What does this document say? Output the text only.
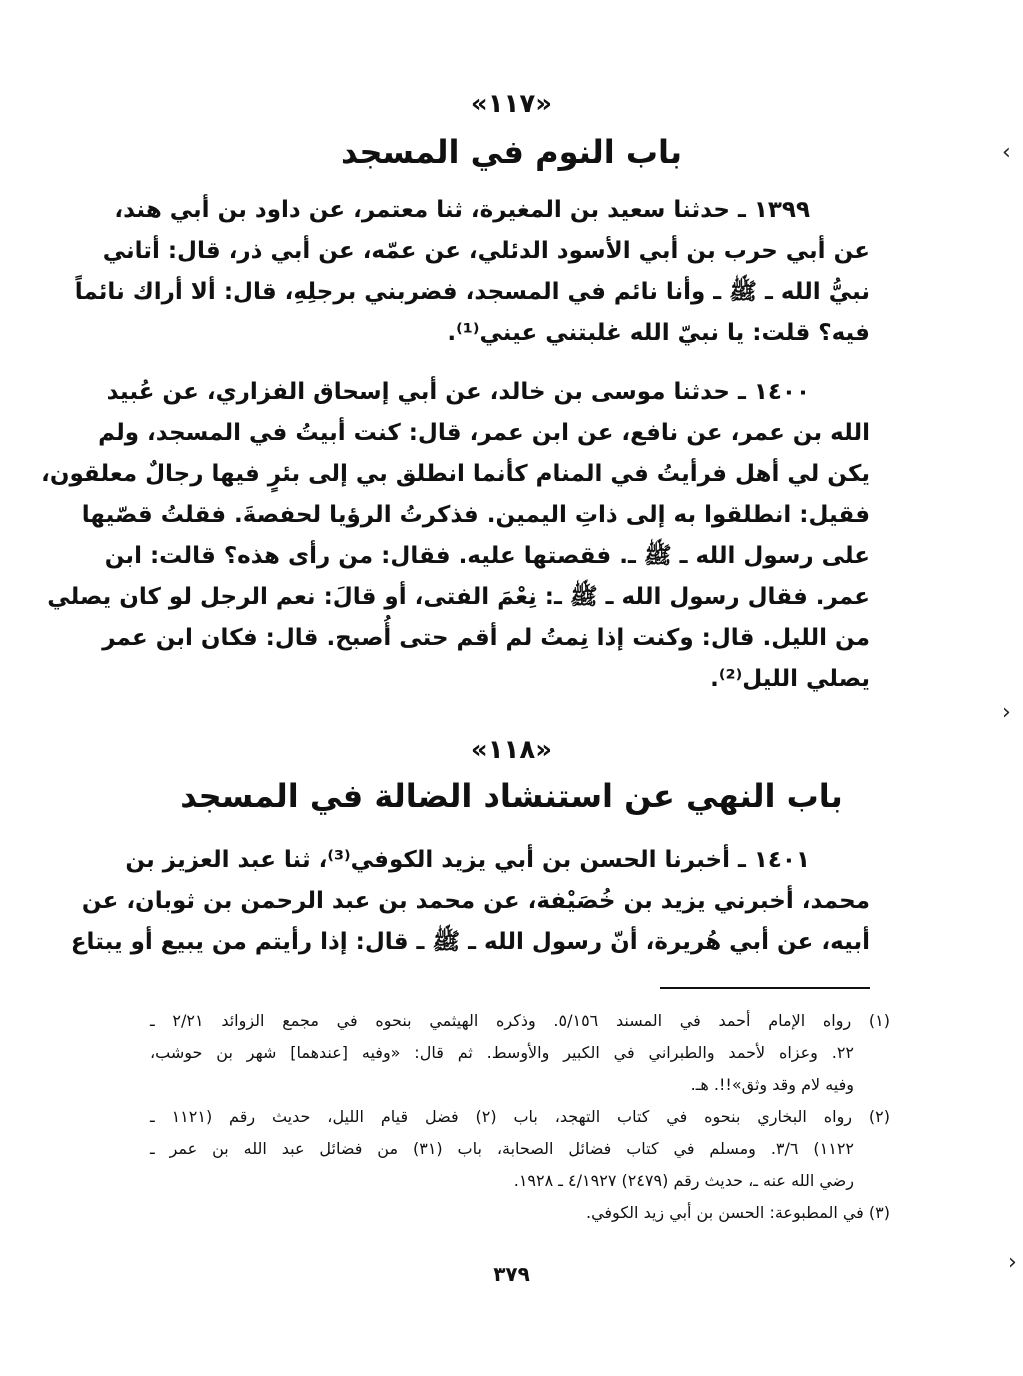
«١١٧»
باب النوم في المسجد
١٣٩٩ ـ حدثنا سعيد بن المغيرة، ثنا معتمر، عن داود بن أبي هند،
عن أبي حرب بن أبي الأسود الدئلي، عن عمّه، عن أبي ذر، قال: أتاني
نبيُّ الله ـ ﷺ ـ وأنا نائم في المسجد، فضربني برجلِهِ، قال: ألا أراك نائماً
فيه؟ قلت: يا نبيّ الله غلبتني عيني⁽¹⁾.
١٤٠٠ ـ حدثنا موسى بن خالد، عن أبي إسحاق الفزاري، عن عُبيد
الله بن عمر، عن نافع، عن ابن عمر، قال: كنت أبيتُ في المسجد، ولم
يكن لي أهل فرأيتُ في المنام كأنما انطلق بي إلى بئرٍ فيها رجالٌ معلقون،
فقيل: انطلقوا به إلى ذاتِ اليمين. فذكرتُ الرؤيا لحفصةَ. فقلتُ قصّيها
على رسول الله ـ ﷺ ـ. فقصتها عليه. فقال: من رأى هذه؟ قالت: ابن
عمر. فقال رسول الله ـ ﷺ ـ: نِعْمَ الفتى، أو قالَ: نعم الرجل لو كان يصلي
من الليل. قال: وكنت إذا نِمتُ لم أقم حتى أُصبح. قال: فكان ابن عمر
يصلي الليل⁽²⁾.
«١١٨»
باب النهي عن استنشاد الضالة في المسجد
١٤٠١ ـ أخبرنا الحسن بن أبي يزيد الكوفي⁽³⁾، ثنا عبد العزيز بن
محمد، أخبرني يزيد بن خُصَيْفة، عن محمد بن عبد الرحمن بن ثوبان، عن
أبيه، عن أبي هُريرة، أنّ رسول الله ـ ﷺ ـ قال: إذا رأيتم من يبيع أو يبتاع
(١) رواه الإمام أحمد في المسند ٥/١٥٦. وذكره الهيثمي بنحوه في مجمع الزوائد ٢/٢١ ـ
٢٢. وعزاه لأحمد والطبراني في الكبير والأوسط. ثم قال: «وفيه [عندهما] شهر بن حوشب،
وفيه لام وقد وثق»!!. هـ.
(٢) رواه البخاري بنحوه في كتاب التهجد، باب (٢) فضل قيام الليل، حديث رقم (١١٢١ ـ
١١٢٢) ٣/٦. ومسلم في كتاب فضائل الصحابة، باب (٣١) من فضائل عبد الله بن عمر ـ
رضي الله عنه ـ، حديث رقم (٢٤٧٩) ٤/١٩٢٧ ـ ١٩٢٨.
(٣) في المطبوعة: الحسن بن أبي زيد الكوفي.
٣٧٩
›
‹
‹
